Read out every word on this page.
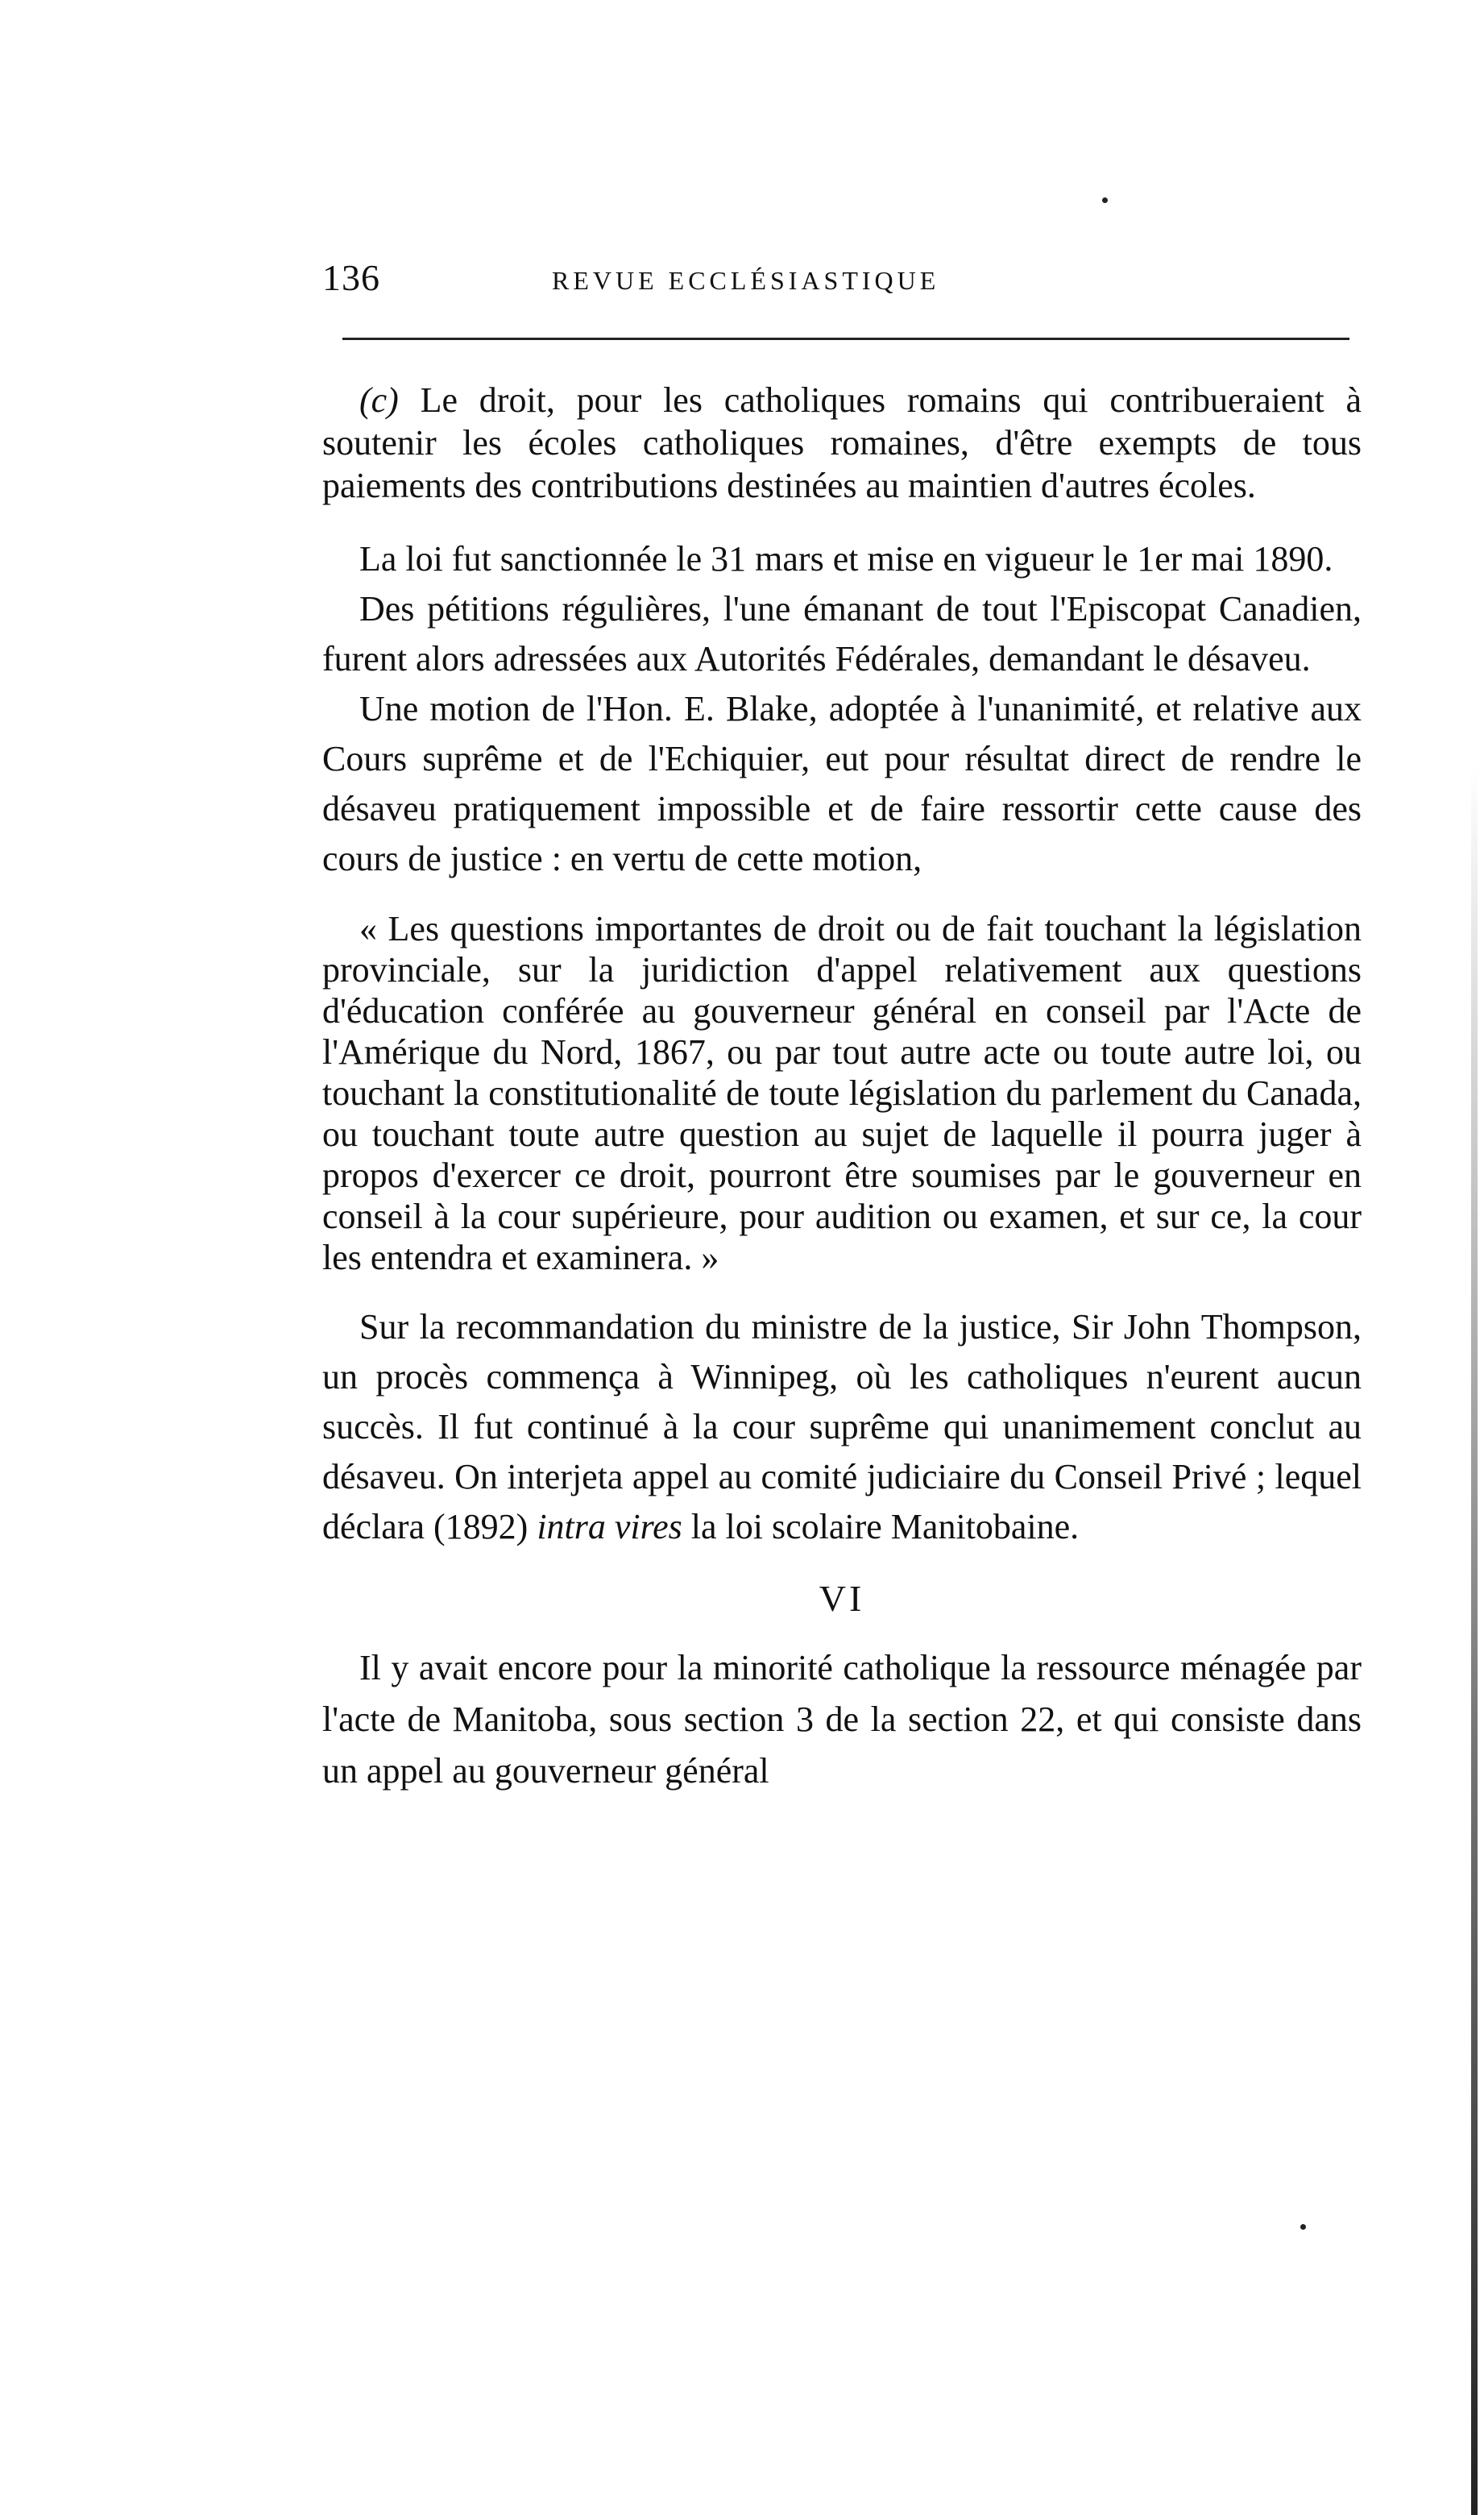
136	REVUE ECCLÉSIASTIQUE

(c) Le droit, pour les catholiques romains qui contribueraient à soutenir les écoles catholiques romaines, d'être exempts de tous paiements des contributions destinées au maintien d'autres écoles.

La loi fut sanctionnée le 31 mars et mise en vigueur le 1er mai 1890.

Des pétitions régulières, l'une émanant de tout l'Episcopat Canadien, furent alors adressées aux Autorités Fédérales, demandant le désaveu.

Une motion de l'Hon. E. Blake, adoptée à l'unanimité, et relative aux Cours suprême et de l'Echiquier, eut pour résultat direct de rendre le désaveu pratiquement impossible et de faire ressortir cette cause des cours de justice : en vertu de cette motion,

« Les questions importantes de droit ou de fait touchant la législation provinciale, sur la juridiction d'appel relativement aux questions d'éducation conférée au gouverneur général en conseil par l'Acte de l'Amérique du Nord, 1867, ou par tout autre acte ou toute autre loi, ou touchant la constitutionalité de toute législation du parlement du Canada, ou touchant toute autre question au sujet de laquelle il pourra juger à propos d'exercer ce droit, pourront être soumises par le gouverneur en conseil à la cour supérieure, pour audition ou examen, et sur ce, la cour les entendra et examinera. »

Sur la recommandation du ministre de la justice, Sir John Thompson, un procès commença à Winnipeg, où les catholiques n'eurent aucun succès. Il fut continué à la cour suprême qui unanimement conclut au désaveu. On interjeta appel au comité judiciaire du Conseil Privé ; lequel déclara (1892) intra vires la loi scolaire Manitobaine.

VI

Il y avait encore pour la minorité catholique la ressource ménagée par l'acte de Manitoba, sous section 3 de la section 22, et qui consiste dans un appel au gouverneur général
